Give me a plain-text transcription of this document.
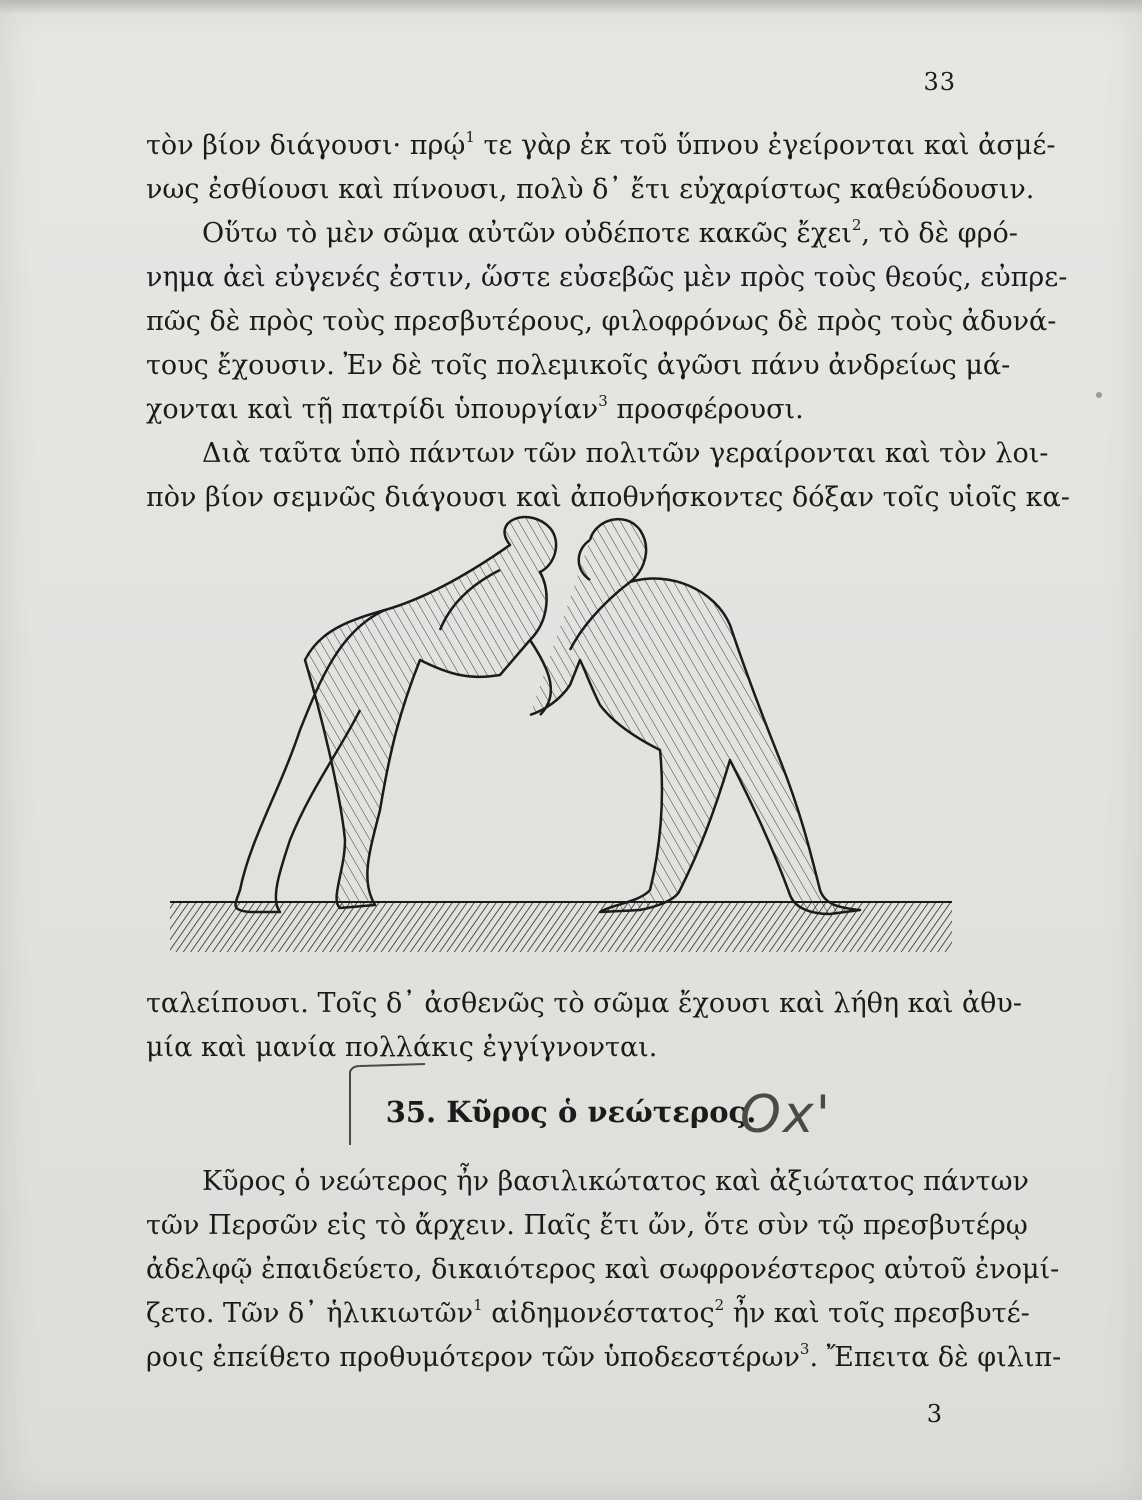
33
τὸν βίον διάγουσι· πρῴ$^1$ τε γὰρ ἐκ τοῦ ὕπνου ἐγείρονται καὶ ἀσμέ-
νως ἐσθίουσι καὶ πίνουσι, πολὺ δ᾽ ἔτι εὐχαρίστως καθεύδουσιν.
Οὕτω τὸ μὲν σῶμα αὐτῶν οὐδέποτε κακῶς ἔχει$^2$, τὸ δὲ φρό-
νημα ἀεὶ εὐγενές ἐστιν, ὥστε εὐσεβῶς μὲν πρὸς τοὺς θεούς, εὐπρε-
πῶς δὲ πρὸς τοὺς πρεσβυτέρους, φιλοφρόνως δὲ πρὸς τοὺς ἀδυνά-
τους ἔχουσιν. Ἐν δὲ τοῖς πολεμικοῖς ἀγῶσι πάνυ ἀνδρείως μά-
χονται καὶ τῇ πατρίδι ὑπουργίαν$^3$ προσφέρουσι.
Διὰ ταῦτα ὑπὸ πάντων τῶν πολιτῶν γεραίρονται καὶ τὸν λοι-
πὸν βίον σεμνῶς διάγουσι καὶ ἀποθνήσκοντες δόξαν τοῖς υἱοῖς κα-
ταλείπουσι. Τοῖς δ᾽ ἀσθενῶς τὸ σῶμα ἔχουσι καὶ λήθη καὶ ἀθυ-
μία καὶ μανία πολλάκις ἐγγίγνονται.
35. Κῦρος ὁ νεώτερος.
Ox'
Κῦρος ὁ νεώτερος ἦν βασιλικώτατος καὶ ἀξιώτατος πάντων
τῶν Περσῶν εἰς τὸ ἄρχειν. Παῖς ἔτι ὤν, ὅτε σὺν τῷ πρεσβυτέρῳ
ἀδελφῷ ἐπαιδεύετο, δικαιότερος καὶ σωφρονέστερος αὐτοῦ ἐνομί-
ζετο. Τῶν δ᾽ ἡλικιωτῶν$^1$ αἰδημονέστατος$^2$ ἦν καὶ τοῖς πρεσβυτέ-
ροις ἐπείθετο προθυμότερον τῶν ὑποδεεστέρων$^3$. Ἔπειτα δὲ φιλιπ-
3
